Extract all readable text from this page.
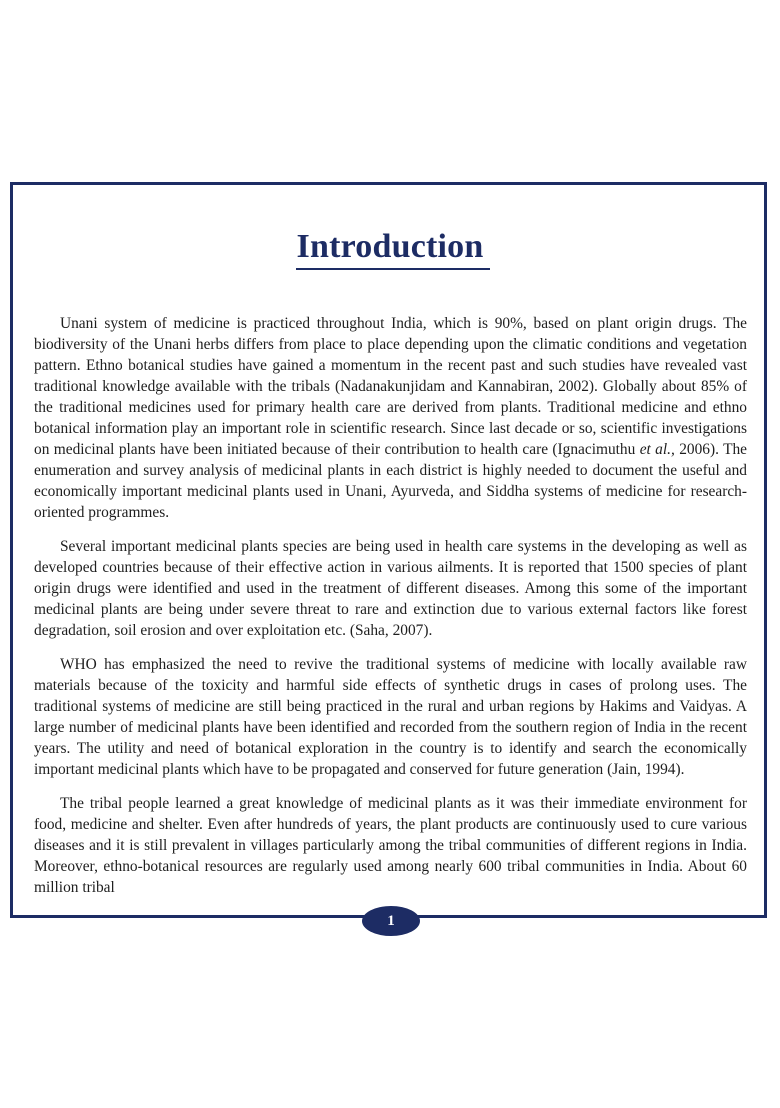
Introduction

Unani system of medicine is practiced throughout India, which is 90%, based on plant origin drugs. The biodiversity of the Unani herbs differs from place to place depending upon the climatic conditions and vegetation pattern. Ethno botanical studies have gained a momentum in the recent past and such studies have revealed vast traditional knowledge available with the tribals (Nadanakunjidam and Kannabiran, 2002). Globally about 85% of the traditional medicines used for primary health care are derived from plants. Traditional medicine and ethno botanical information play an important role in scientific research. Since last decade or so, scientific investigations on medicinal plants have been initiated because of their contribution to health care (Ignacimuthu et al., 2006). The enumeration and survey analysis of medicinal plants in each district is highly needed to document the useful and economically important medicinal plants used in Unani, Ayurveda, and Siddha systems of medicine for research-oriented programmes.

Several important medicinal plants species are being used in health care systems in the developing as well as developed countries because of their effective action in various ailments. It is reported that 1500 species of plant origin drugs were identified and used in the treatment of different diseases. Among this some of the important medicinal plants are being under severe threat to rare and extinction due to various external factors like forest degradation, soil erosion and over exploitation etc. (Saha, 2007).

WHO has emphasized the need to revive the traditional systems of medicine with locally available raw materials because of the toxicity and harmful side effects of synthetic drugs in cases of prolong uses. The traditional systems of medicine are still being practiced in the rural and urban regions by Hakims and Vaidyas. A large number of medicinal plants have been identified and recorded from the southern region of India in the recent years. The utility and need of botanical exploration in the country is to identify and search the economically important medicinal plants which have to be propagated and conserved for future generation (Jain, 1994).

The tribal people learned a great knowledge of medicinal plants as it was their immediate environment for food, medicine and shelter. Even after hundreds of years, the plant products are continuously used to cure various diseases and it is still prevalent in villages particularly among the tribal communities of different regions in India. Moreover, ethno-botanical resources are regularly used among nearly 600 tribal communities in India. About 60 million tribal

1
